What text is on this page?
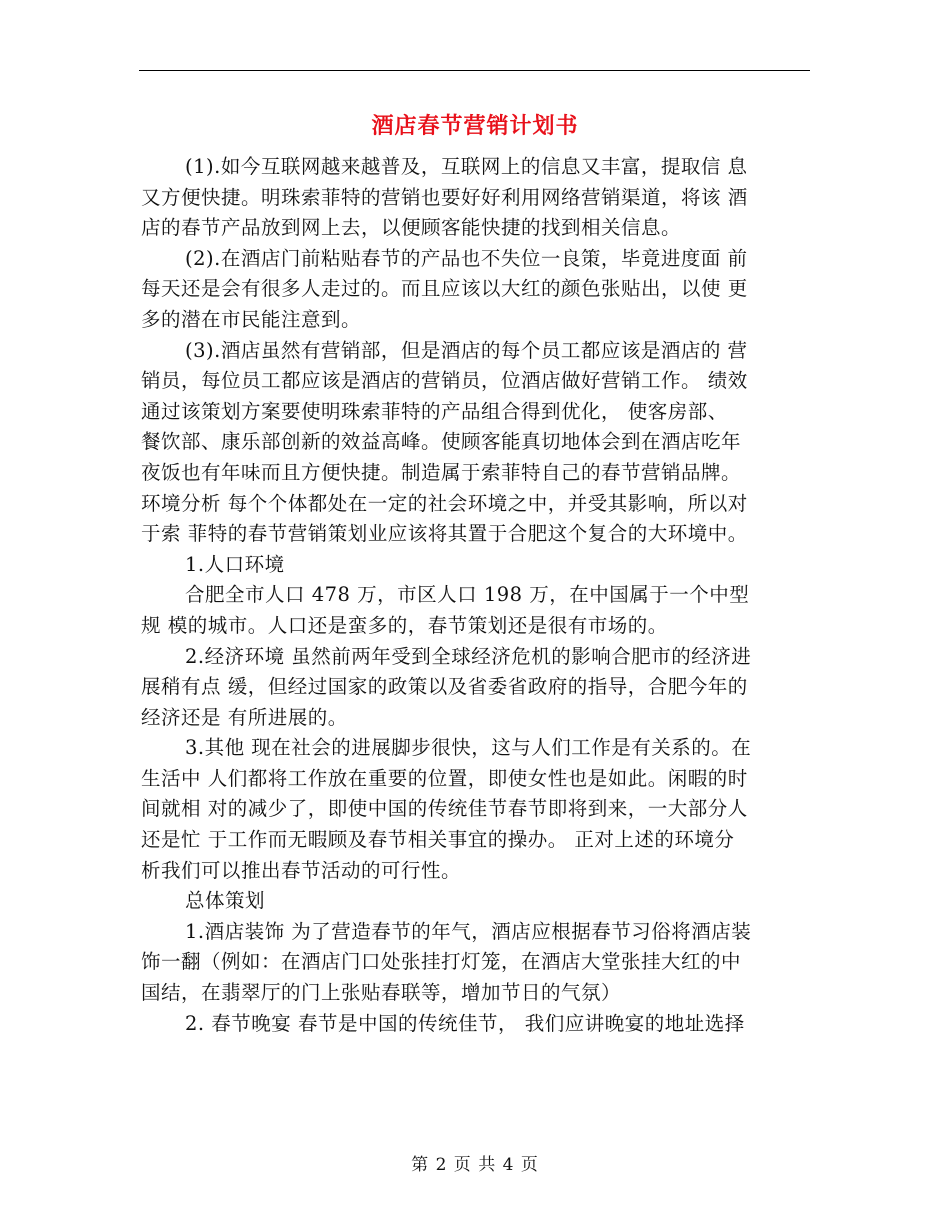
酒店春节营销计划书
(1).如今互联网越来越普及，互联网上的信息又丰富，提取信 息
又方便快捷。明珠索菲特的营销也要好好利用网络营销渠道，将该 酒
店的春节产品放到网上去，以便顾客能快捷的找到相关信息。
(2).在酒店门前粘贴春节的产品也不失位一良策，毕竟进度面 前
每天还是会有很多人走过的。而且应该以大红的颜色张贴出，以使 更
多的潜在市民能注意到。
(3).酒店虽然有营销部，但是酒店的每个员工都应该是酒店的 营
销员，每位员工都应该是酒店的营销员，位酒店做好营销工作。 绩效
通过该策划方案要使明珠索菲特的产品组合得到优化， 使客房部、
餐饮部、康乐部创新的效益高峰。使顾客能真切地体会到在酒店吃年
夜饭也有年味而且方便快捷。制造属于索菲特自己的春节营销品牌。
环境分析 每个个体都处在一定的社会环境之中，并受其影响，所以对
于索 菲特的春节营销策划业应该将其置于合肥这个复合的大环境中。
1.人口环境
合肥全市人口 478 万，市区人口 198 万，在中国属于一个中型
规 模的城市。人口还是蛮多的，春节策划还是很有市场的。
2.经济环境 虽然前两年受到全球经济危机的影响合肥市的经济进
展稍有点 缓，但经过国家的政策以及省委省政府的指导，合肥今年的
经济还是 有所进展的。
3.其他 现在社会的进展脚步很快，这与人们工作是有关系的。在
生活中 人们都将工作放在重要的位置，即使女性也是如此。闲暇的时
间就相 对的减少了，即使中国的传统佳节春节即将到来，一大部分人
还是忙 于工作而无暇顾及春节相关事宜的操办。 正对上述的环境分
析我们可以推出春节活动的可行性。
总体策划
1.酒店装饰 为了营造春节的年气，酒店应根据春节习俗将酒店装
饰一翻（例如：在酒店门口处张挂打灯笼，在酒店大堂张挂大红的中
国结，在翡翠厅的门上张贴春联等，增加节日的气氛）
2. 春节晚宴 春节是中国的传统佳节， 我们应讲晚宴的地址选择
第 2 页 共 4 页
